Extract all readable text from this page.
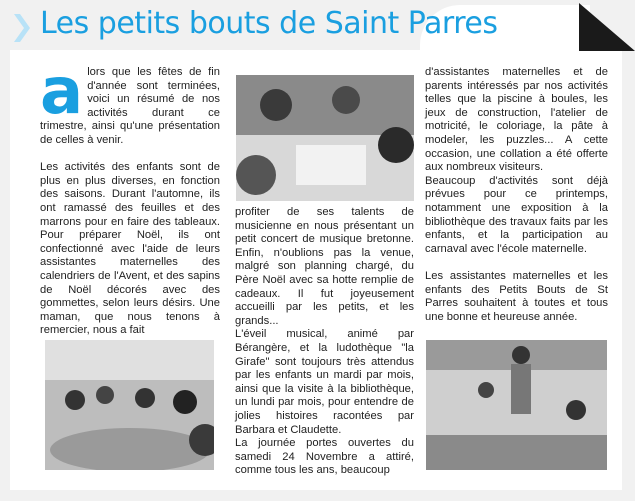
Les petits bouts de Saint Parres

alors que les fêtes de fin d'année sont terminées, voici un résumé de nos activités durant ce trimestre, ainsi qu'une présentation de celles à venir.

Les activités des enfants sont de plus en plus diverses, en fonction des saisons. Durant l'automne, ils ont ramassé des feuilles et des marrons pour en faire des tableaux. Pour préparer Noël, ils ont confectionné avec l'aide de leurs assistantes maternelles des calendriers de l'Avent, et des sapins de Noël décorés avec des gommettes, selon leurs désirs. Une maman, que nous tenons à remercier, nous a fait

profiter de ses talents de musicienne en nous présentant un petit concert de musique bretonne. Enfin, n'oublions pas la venue, malgré son planning chargé, du Père Noël avec sa hotte remplie de cadeaux. Il fut joyeusement accueilli par les petits, et les grands...

L'éveil musical, animé par Bérangère, et la ludothèque "la Girafe" sont toujours très attendus par les enfants un mardi par mois, ainsi que la visite à la bibliothèque, un lundi par mois, pour entendre de jolies histoires racontées par Barbara et Claudette.

La journée portes ouvertes du samedi 24 Novembre a attiré, comme tous les ans, beaucoup

d'assistantes maternelles et de parents intéressés par nos activités telles que la piscine à boules, les jeux de construction, l'atelier de motricité, le coloriage, la pâte à modeler, les puzzles... A cette occasion, une collation a été offerte aux nombreux visiteurs.

Beaucoup d'activités sont déjà prévues pour ce printemps, notamment une exposition à la bibliothèque des travaux faits par les enfants, et la participation au carnaval avec l'école maternelle.

Les assistantes maternelles et les enfants des Petits Bouts de St Parres souhaitent à toutes et tous une bonne et heureuse année.
